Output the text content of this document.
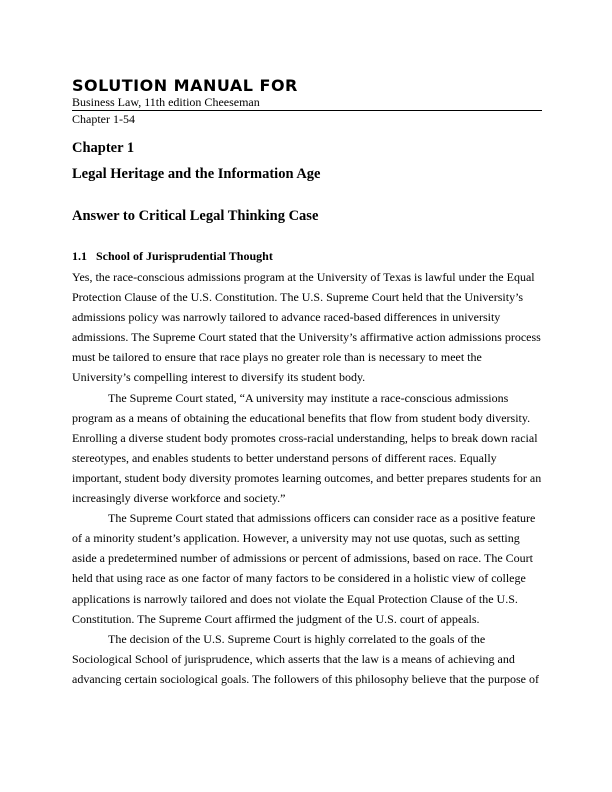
SOLUTION MANUAL FOR

Business Law, 11th edition Cheeseman

Chapter 1-54

Chapter 1

Legal Heritage and the Information Age

Answer to Critical Legal Thinking Case

1.1 School of Jurisprudential Thought

Yes, the race-conscious admissions program at the University of Texas is lawful under the Equal Protection Clause of the U.S. Constitution. The U.S. Supreme Court held that the University’s admissions policy was narrowly tailored to advance raced-based differences in university admissions. The Supreme Court stated that the University’s affirmative action admissions process must be tailored to ensure that race plays no greater role than is necessary to meet the University’s compelling interest to diversify its student body.

The Supreme Court stated, “A university may institute a race-conscious admissions program as a means of obtaining the educational benefits that flow from student body diversity. Enrolling a diverse student body promotes cross-racial understanding, helps to break down racial stereotypes, and enables students to better understand persons of different races. Equally important, student body diversity promotes learning outcomes, and better prepares students for an increasingly diverse workforce and society.”

The Supreme Court stated that admissions officers can consider race as a positive feature of a minority student’s application. However, a university may not use quotas, such as setting aside a predetermined number of admissions or percent of admissions, based on race. The Court held that using race as one factor of many factors to be considered in a holistic view of college applications is narrowly tailored and does not violate the Equal Protection Clause of the U.S. Constitution. The Supreme Court affirmed the judgment of the U.S. court of appeals.

The decision of the U.S. Supreme Court is highly correlated to the goals of the Sociological School of jurisprudence, which asserts that the law is a means of achieving and advancing certain sociological goals. The followers of this philosophy believe that the purpose of
